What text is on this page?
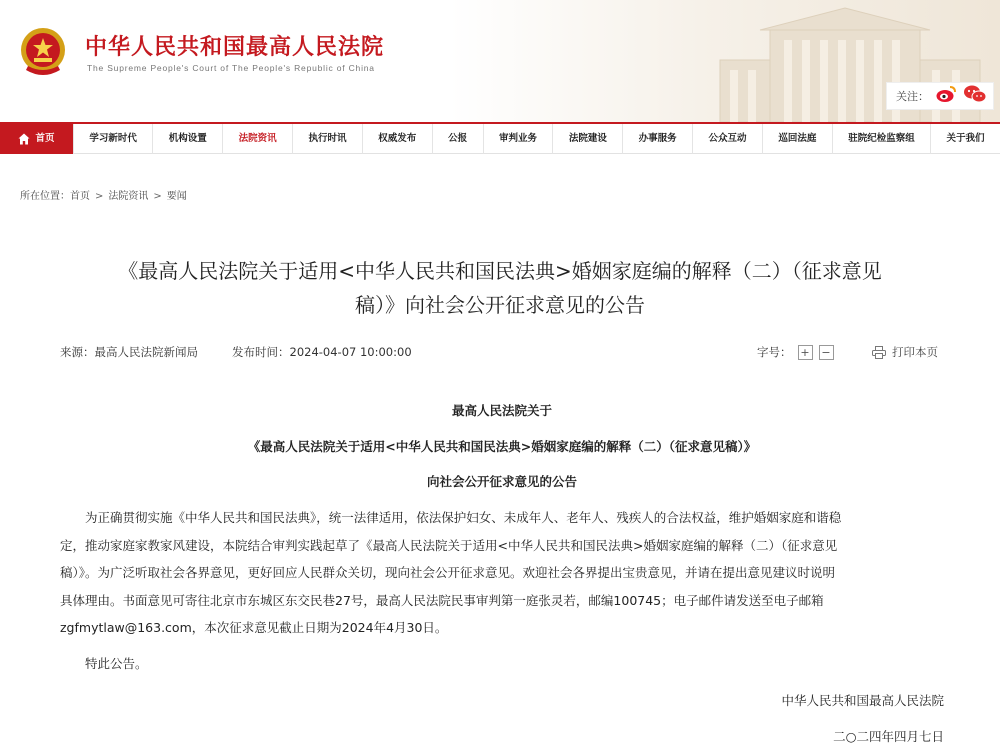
中华人民共和国最高人民法院
The Supreme People's Court of The People's Republic of China
关注：
首页	学习新时代	机构设置	法院资讯	执行时讯	权威发布	公报	审判业务	法院建设	办事服务	公众互动	巡回法庭	驻院纪检监察组	关于我们
所在位置：首页 > 法院资讯 > 要闻
《最高人民法院关于适用<中华人民共和国民法典>婚姻家庭编的解释（二）（征求意见
稿）》向社会公开征求意见的公告
来源：最高人民法院新闻局	发布时间：2024-04-07 10:00:00	字号： + −	打印本页
最高人民法院关于
《最高人民法院关于适用<中华人民共和国民法典>婚姻家庭编的解释（二）（征求意见稿）》
向社会公开征求意见的公告
为正确贯彻实施《中华人民共和国民法典》，统一法律适用，依法保护妇女、未成年人、老年人、残疾人的合法权益，维护婚姻家庭和谐稳
定，推动家庭家教家风建设，本院结合审判实践起草了《最高人民法院关于适用<中华人民共和国民法典>婚姻家庭编的解释（二）（征求意见
稿）》。为广泛听取社会各界意见，更好回应人民群众关切，现向社会公开征求意见。欢迎社会各界提出宝贵意见，并请在提出意见建议时说明
具体理由。书面意见可寄往北京市东城区东交民巷27号，最高人民法院民事审判第一庭张灵若，邮编100745；电子邮件请发送至电子邮箱
zgfmytlaw@163.com，本次征求意见截止日期为2024年4月30日。
特此公告。
中华人民共和国最高人民法院
二○二四年四月七日
